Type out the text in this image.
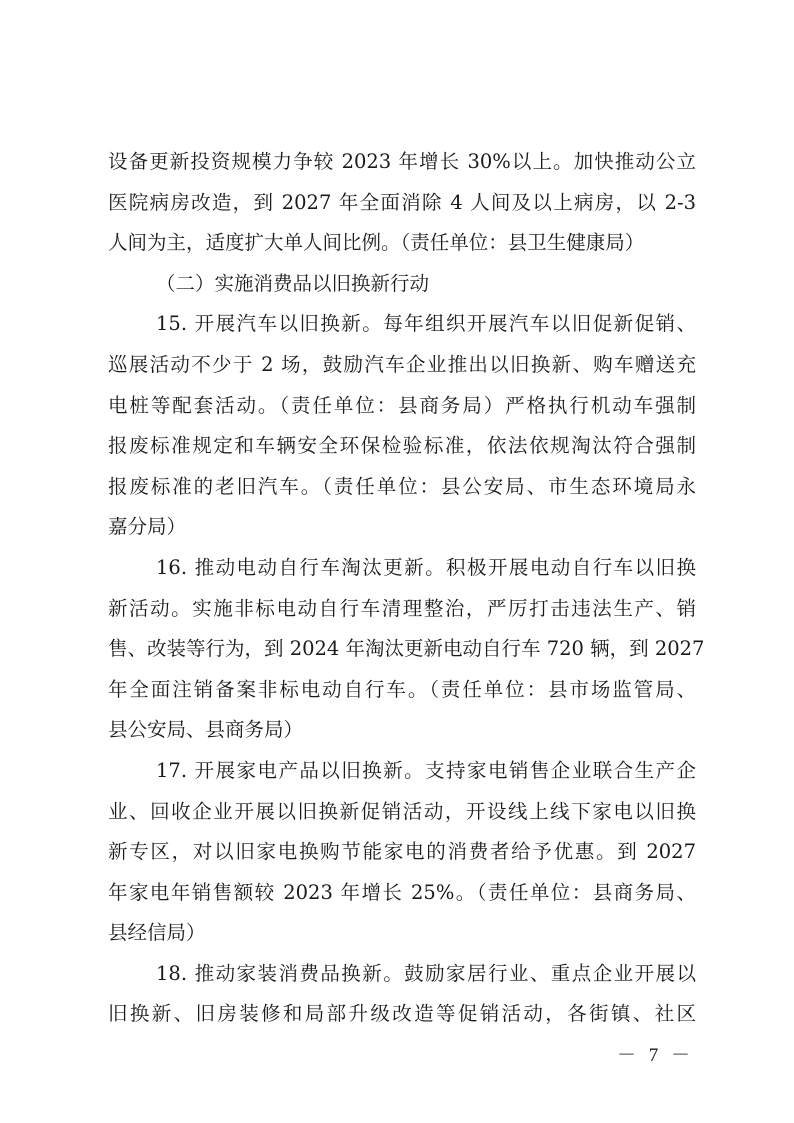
设备更新投资规模力争较 2023 年增长 30%以上。加快推动公立
医院病房改造，到 2027 年全面消除 4 人间及以上病房，以 2-3
人间为主，适度扩大单人间比例。（责任单位：县卫生健康局）
（二）实施消费品以旧换新行动
15. 开展汽车以旧换新。每年组织开展汽车以旧促新促销、
巡展活动不少于 2 场，鼓励汽车企业推出以旧换新、购车赠送充
电桩等配套活动。（责任单位：县商务局）严格执行机动车强制
报废标准规定和车辆安全环保检验标准，依法依规淘汰符合强制
报废标准的老旧汽车。（责任单位：县公安局、市生态环境局永
嘉分局）
16. 推动电动自行车淘汰更新。积极开展电动自行车以旧换
新活动。实施非标电动自行车清理整治，严厉打击违法生产、销
售、改装等行为，到 2024 年淘汰更新电动自行车 720 辆，到 2027
年全面注销备案非标电动自行车。（责任单位：县市场监管局、
县公安局、县商务局）
17. 开展家电产品以旧换新。支持家电销售企业联合生产企
业、回收企业开展以旧换新促销活动，开设线上线下家电以旧换
新专区，对以旧家电换购节能家电的消费者给予优惠。到 2027
年家电年销售额较 2023 年增长 25%。（责任单位：县商务局、
县经信局）
18. 推动家装消费品换新。鼓励家居行业、重点企业开展以
旧换新、旧房装修和局部升级改造等促销活动，各街镇、社区
－ 7 －
